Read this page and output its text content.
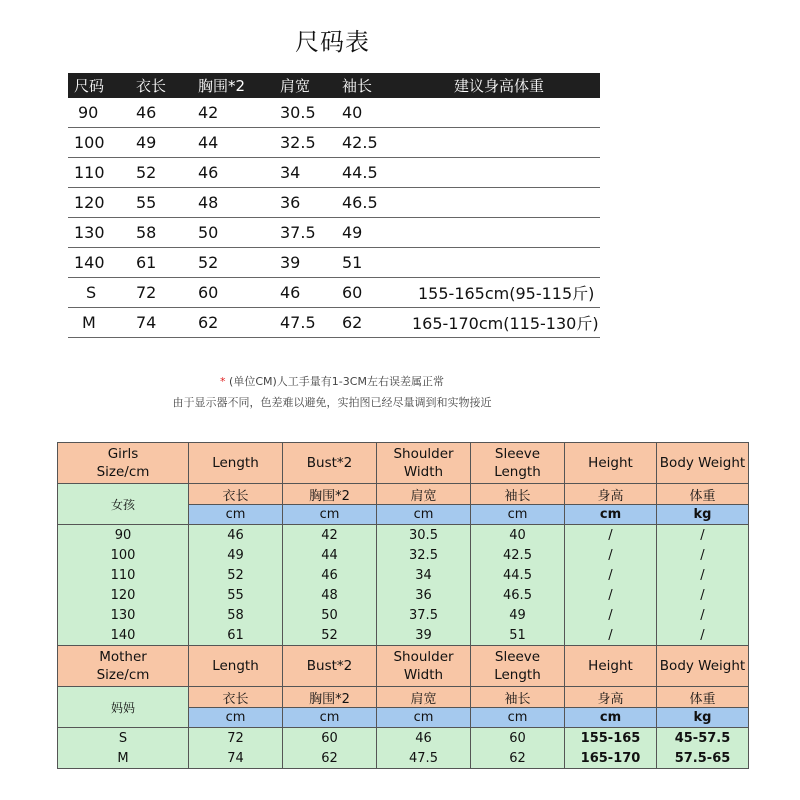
尺码表
尺码	衣长	胸围*2	肩宽	袖长	建议身高体重
90	46	42	30.5	40	
100	49	44	32.5	42.5	
110	52	46	34	44.5	
120	55	48	36	46.5	
130	58	50	37.5	49	
140	61	52	39	51	
S	72	60	46	60	155-165cm(95-115斤)
M	74	62	47.5	62	165-170cm(115-130斤)
* (单位CM)人工手量有1-3CM左右误差属正常
由于显示器不同，色差难以避免，实拍图已经尽量调到和实物接近
Girls
Size/cm	Length	Bust*2	Shoulder Width	Sleeve Length	Height	Body Weight
女孩	衣长	胸围*2	肩宽	袖长	身高	体重
	cm	cm	cm	cm	cm	kg
90	46	42	30.5	40	/	/
100	49	44	32.5	42.5	/	/
110	52	46	34	44.5	/	/
120	55	48	36	46.5	/	/
130	58	50	37.5	49	/	/
140	61	52	39	51	/	/

Mother
Size/cm	Length	Bust*2	Shoulder Width	Sleeve Length	Height	Body Weight
妈妈	衣长	胸围*2	肩宽	袖长	身高	体重
	cm	cm	cm	cm	cm	kg
S	72	60	46	60	155-165	45-57.5
M	74	62	47.5	62	165-170	57.5-65
